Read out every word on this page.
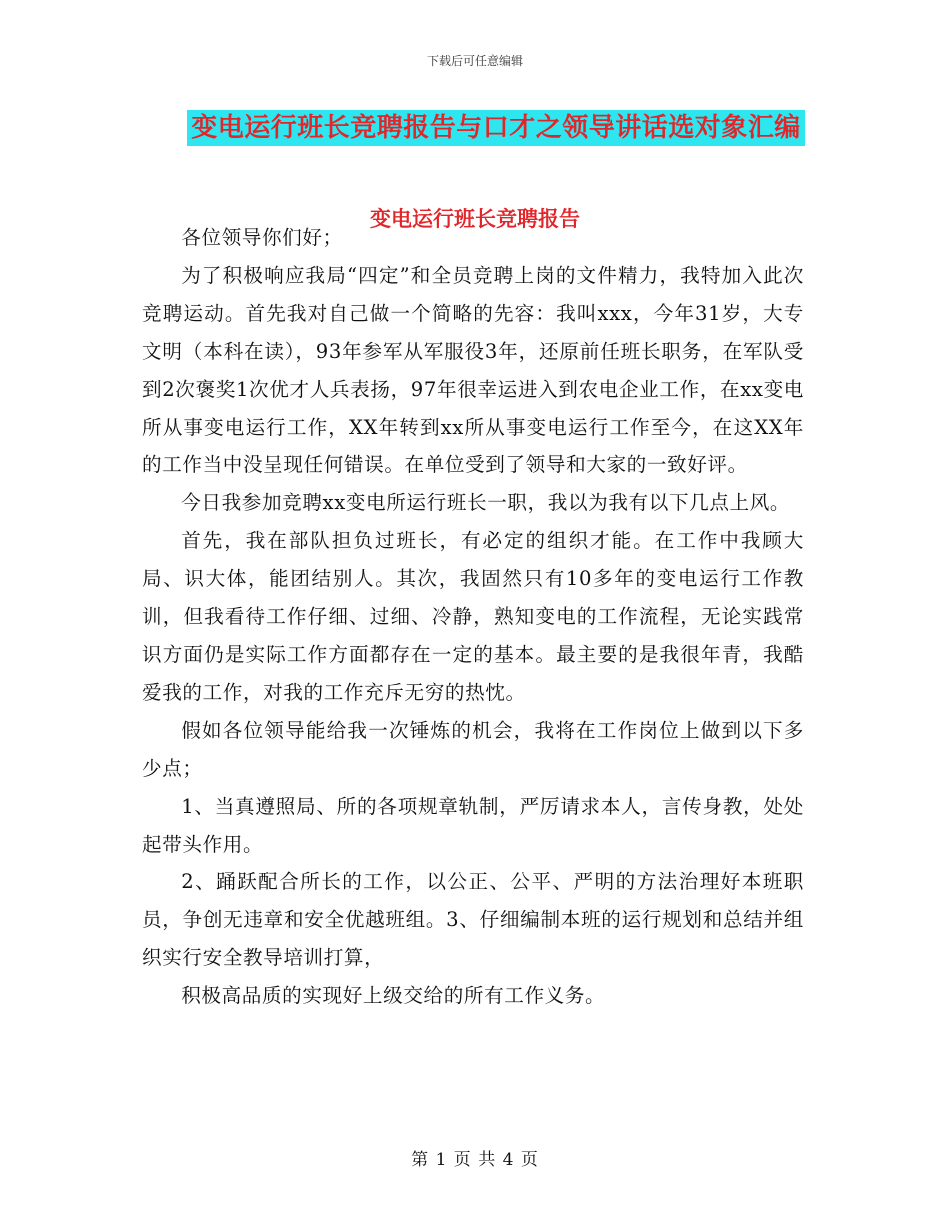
下载后可任意编辑
变电运行班长竞聘报告与口才之领导讲话选对象汇编
变电运行班长竞聘报告

各位领导你们好；

为了积极响应我局“四定”和全员竞聘上岗的文件精力，我特加入此次竞聘运动。首先我对自己做一个简略的先容：我叫xxx，今年31岁，大专文明（本科在读），93年参军从军服役3年，还原前任班长职务，在军队受到2次褒奖1次优才人兵表扬，97年很幸运进入到农电企业工作，在xx变电所从事变电运行工作，XX年转到xx所从事变电运行工作至今，在这XX年的工作当中没呈现任何错误。在单位受到了领导和大家的一致好评。

今日我参加竞聘xx变电所运行班长一职，我以为我有以下几点上风。

首先，我在部队担负过班长，有必定的组织才能。在工作中我顾大局、识大体，能团结别人。其次，我固然只有10多年的变电运行工作教训，但我看待工作仔细、过细、冷静，熟知变电的工作流程，无论实践常识方面仍是实际工作方面都存在一定的基本。最主要的是我很年青，我酷爱我的工作，对我的工作充斥无穷的热忱。

假如各位领导能给我一次锤炼的机会，我将在工作岗位上做到以下多少点；

1、当真遵照局、所的各项规章轨制，严厉请求本人，言传身教，处处起带头作用。

2、踊跃配合所长的工作，以公正、公平、严明的方法治理好本班职员，争创无违章和安全优越班组。3、仔细编制本班的运行规划和总结并组织实行安全教导培训打算，

积极高品质的实现好上级交给的所有工作义务。

第 1 页 共 4 页
